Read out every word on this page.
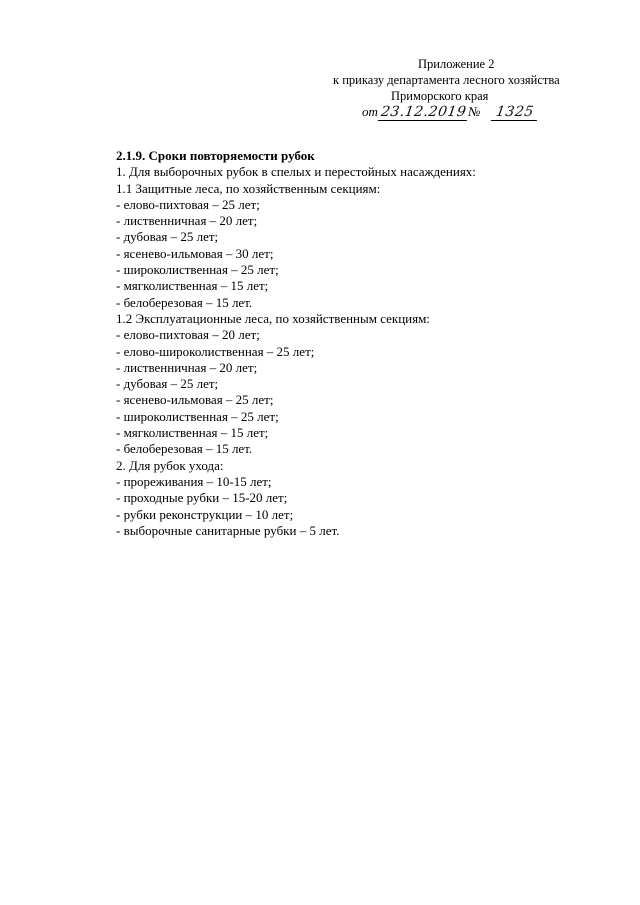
Приложение 2
к приказу департамента лесного хозяйства
Приморского края
от 23.12.2019№ 1325
2.1.9. Сроки повторяемости рубок
1. Для выборочных рубок в спелых и перестойных насаждениях:
1.1 Защитные леса, по хозяйственным секциям:
- елово-пихтовая – 25 лет;
- лиственничная – 20 лет;
- дубовая – 25 лет;
- ясенево-ильмовая – 30 лет;
- широколиственная – 25 лет;
- мягколиственная – 15 лет;
- белоберезовая – 15 лет.
1.2 Эксплуатационные леса, по хозяйственным секциям:
- елово-пихтовая – 20 лет;
- елово-широколиственная – 25 лет;
- лиственничная – 20 лет;
- дубовая – 25 лет;
- ясенево-ильмовая – 25 лет;
- широколиственная – 25 лет;
- мягколиственная – 15 лет;
- белоберезовая – 15 лет.
2. Для рубок ухода:
- прореживания – 10-15 лет;
- проходные рубки – 15-20 лет;
- рубки реконструкции – 10 лет;
- выборочные санитарные рубки – 5 лет.
